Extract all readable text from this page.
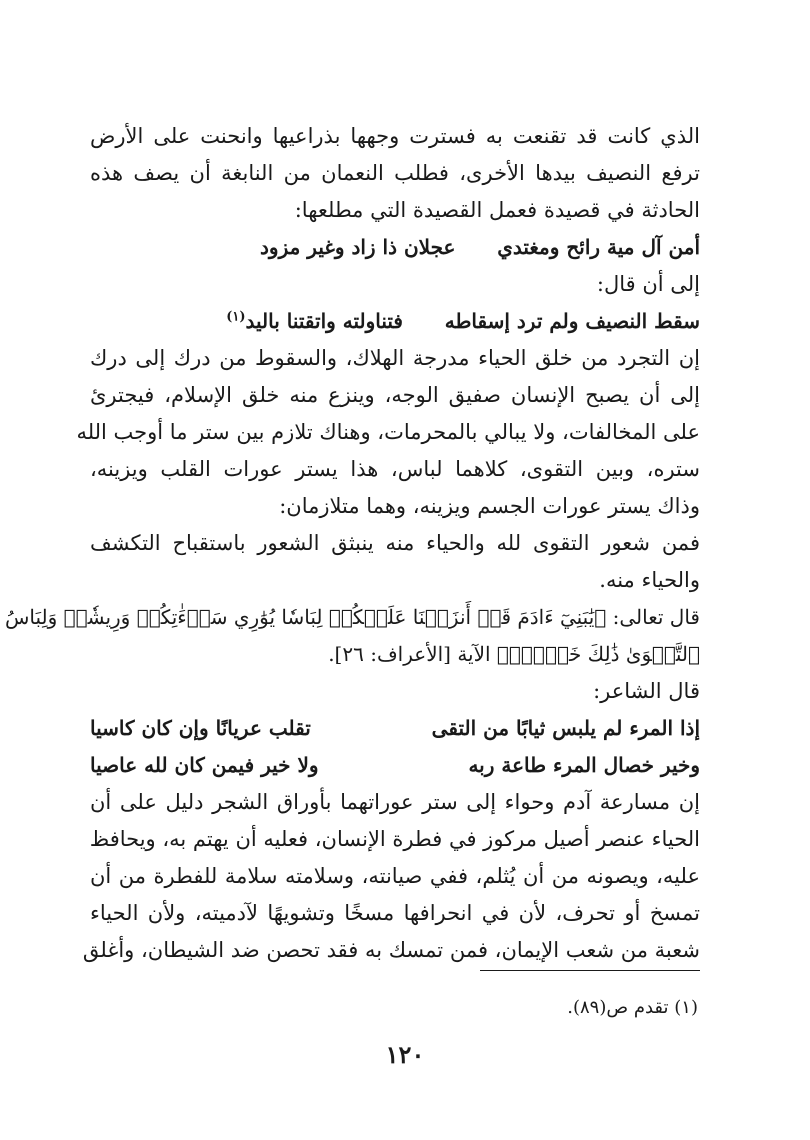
الذي كانت قد تقنعت به فسترت وجهها بذراعيها وانحنت على الأرض
ترفع النصيف بيدها الأخرى، فطلب النعمان من النابغة أن يصف هذه
الحادثة في قصيدة فعمل القصيدة التي مطلعها:
أمن آل مية رائح ومغتدي      عجلان ذا زاد وغير مزود
إلى أن قال:
سقط النصيف ولم ترد إسقاطه      فتناولته واتقتنا باليد$^{(١)}$
إن التجرد من خلق الحياء مدرجة الهلاك، والسقوط من درك إلى درك
إلى أن يصبح الإنسان صفيق الوجه، وينزع منه خلق الإسلام، فيجترئ
على المخالفات، ولا يبالي بالمحرمات، وهناك تلازم بين ستر ما أوجب الله
ستره، وبين التقوى، كلاهما لباس، هذا يستر عورات القلب ويزينه،
وذاك يستر عورات الجسم ويزينه، وهما متلازمان:
فمن شعور التقوى لله والحياء منه ينبثق الشعور باستقباح التكشف
والحياء منه.
قال تعالى: ﴿يَٰبَنِيٓ ءَادَمَ قَدۡ أَنزَلۡنَا عَلَيۡكُمۡ لِبَاسٗا يُوَٰرِي سَوۡءَٰتِكُمۡ وَرِيشٗاۖ وَلِبَاسُ
ٱلتَّقۡوَىٰ ذَٰلِكَ خَيۡرٞۚ﴾ الآية [الأعراف: ٢٦].
قال الشاعر:
إذا المرء لم يلبس ثيابًا من التقى
تقلب عريانًا وإن كان كاسيا
وخير خصال المرء طاعة ربه
ولا خير فيمن كان لله عاصيا
إن مسارعة آدم وحواء إلى ستر عوراتهما بأوراق الشجر دليل على أن
الحياء عنصر أصيل مركوز في فطرة الإنسان، فعليه أن يهتم به، ويحافظ
عليه، ويصونه من أن يُثلم، ففي صيانته، وسلامته سلامة للفطرة من أن
تمسخ أو تحرف، لأن في انحرافها مسخًا وتشويهًا لآدميته، ولأن الحياء
شعبة من شعب الإيمان، فمن تمسك به فقد تحصن ضد الشيطان، وأغلق
(١) تقدم ص(٨٩).
١٢٠
